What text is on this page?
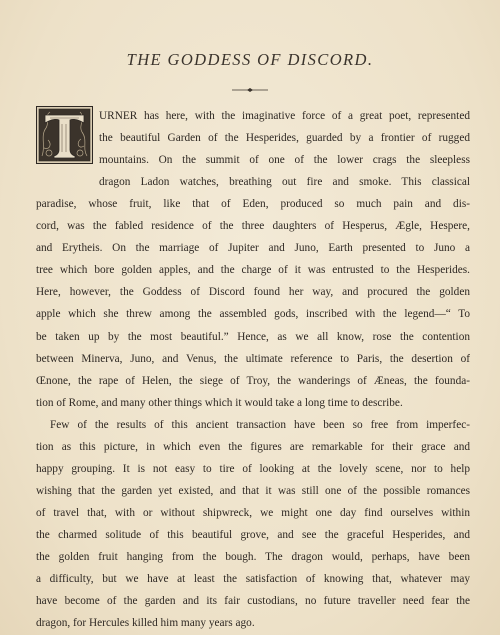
THE GODDESS OF DISCORD.
URNER has here, with the imaginative force of a great poet, represented
the beautiful Garden of the Hesperides, guarded by a frontier of rugged
mountains. On the summit of one of the lower crags the sleepless
dragon Ladon watches, breathing out fire and smoke. This classical
paradise, whose fruit, like that of Eden, produced so much pain and dis-
cord, was the fabled residence of the three daughters of Hesperus, Ægle, Hespere,
and Erytheis. On the marriage of Jupiter and Juno, Earth presented to Juno a
tree which bore golden apples, and the charge of it was entrusted to the Hesperides.
Here, however, the Goddess of Discord found her way, and procured the golden
apple which she threw among the assembled gods, inscribed with the legend—“ To
be taken up by the most beautiful.” Hence, as we all know, rose the contention
between Minerva, Juno, and Venus, the ultimate reference to Paris, the desertion of
Œnone, the rape of Helen, the siege of Troy, the wanderings of Æneas, the founda-
tion of Rome, and many other things which it would take a long time to describe.
Few of the results of this ancient transaction have been so free from imperfec-
tion as this picture, in which even the figures are remarkable for their grace and
happy grouping. It is not easy to tire of looking at the lovely scene, nor to help
wishing that the garden yet existed, and that it was still one of the possible romances
of travel that, with or without shipwreck, we might one day find ourselves within
the charmed solitude of this beautiful grove, and see the graceful Hesperides, and
the golden fruit hanging from the bough. The dragon would, perhaps, have been
a difficulty, but we have at least the satisfaction of knowing that, whatever may
have become of the garden and its fair custodians, no future traveller need fear the
dragon, for Hercules killed him many years ago.
